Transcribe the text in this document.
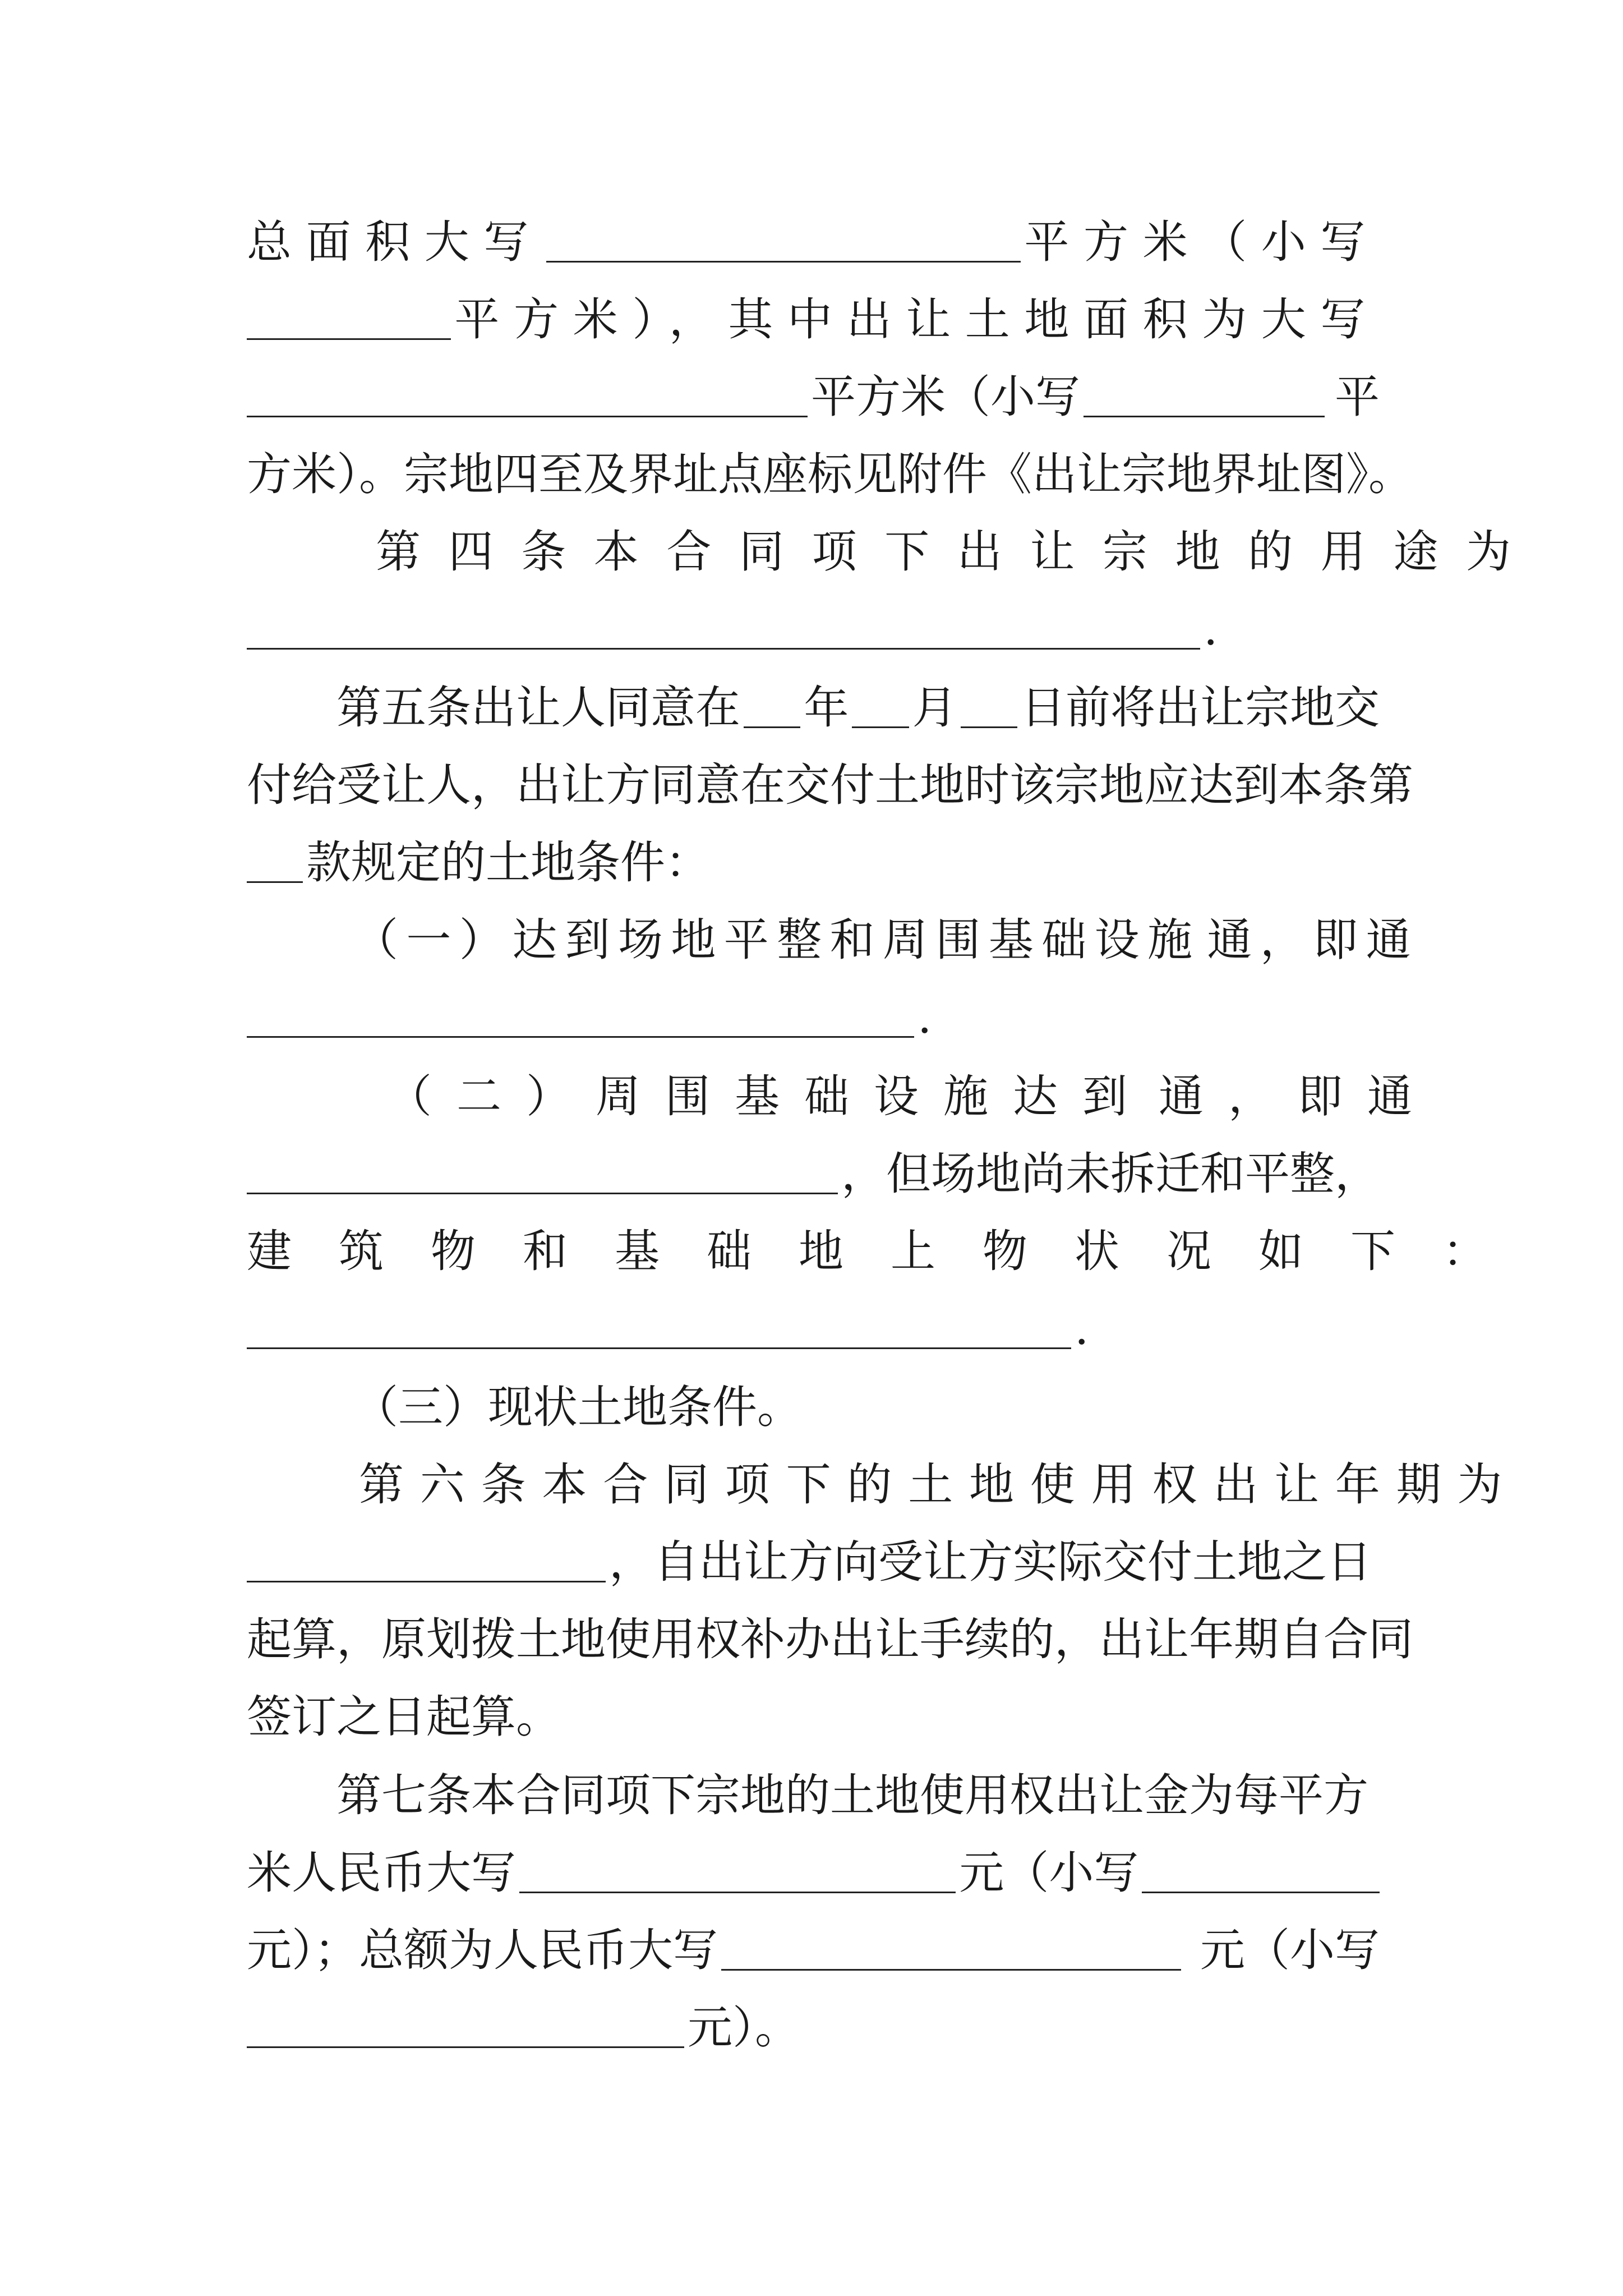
总面积大写	平方米（小写
平方米），其中出让土地面积为大写
平方米（小写	平
方米）。宗地四至及界址点座标见附件《出让宗地界址图》。
第四条本合同项下出让宗地的用途为
.
第五条出让人同意在 年 月 日前将出让宗地交
付给受让人，出让方同意在交付土地时该宗地应达到本条第
款规定的土地条件：
（一）达到场地平整和周围基础设施 通，即通
.
（二）周围基础设施达到 通，即通
，但场地尚未拆迁和平整，
建筑物和基础地上物状况如下：
.
（三）现状土地条件。
第六条本合同项下的土地使用权出让年期为
，自出让方向受让方实际交付土地之日
起算，原划拨土地使用权补办出让手续的，出让年期自合同
签订之日起算。
第七条本合同项下宗地的土地使用权出让金为每平方
米人民币大写	元（小写
元）；总额为人民币大写	元（小写
元）。
